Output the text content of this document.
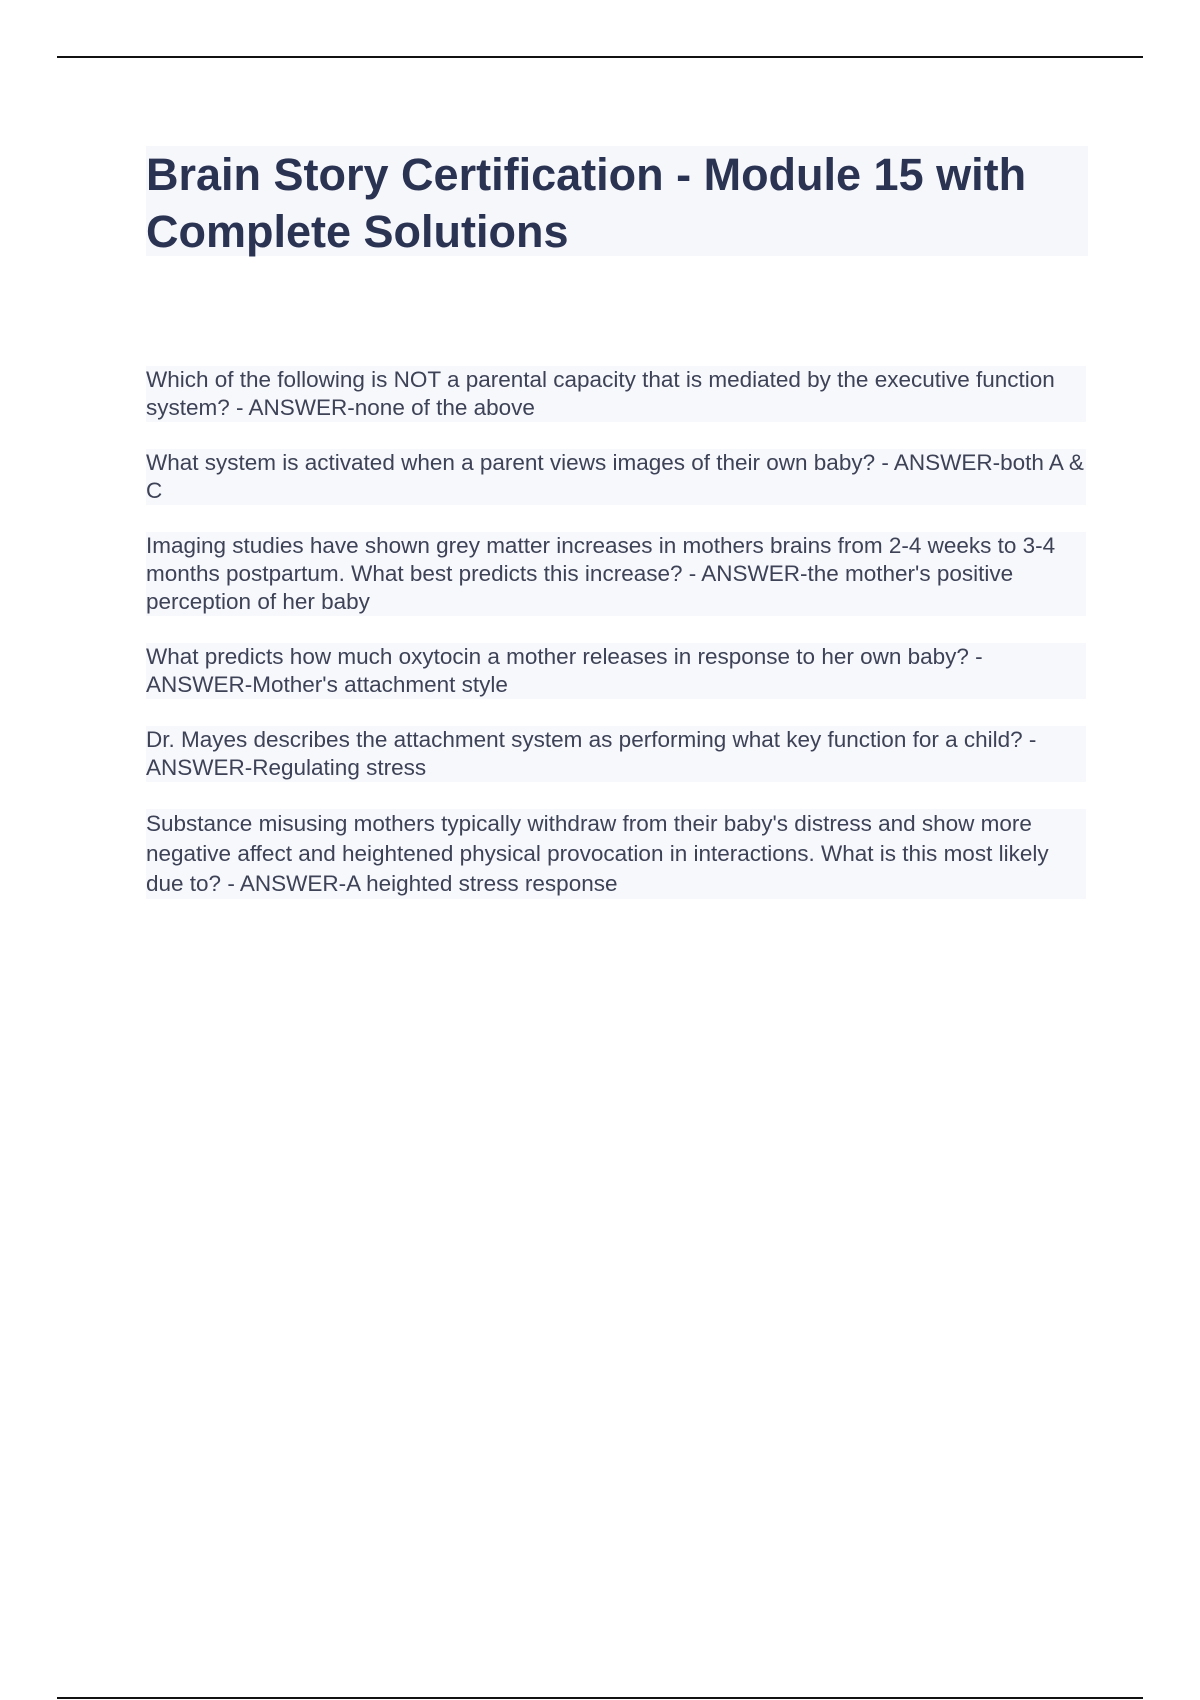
Brain Story Certification - Module 15 with Complete Solutions
Which of the following is NOT a parental capacity that is mediated by the executive function system? - ANSWER-none of the above
What system is activated when a parent views images of their own baby? - ANSWER-both A & C
Imaging studies have shown grey matter increases in mothers brains from 2-4 weeks to 3-4 months postpartum. What best predicts this increase? - ANSWER-the mother's positive perception of her baby
What predicts how much oxytocin a mother releases in response to her own baby? - ANSWER-Mother's attachment style
Dr. Mayes describes the attachment system as performing what key function for a child? - ANSWER-Regulating stress
Substance misusing mothers typically withdraw from their baby's distress and show more negative affect and heightened physical provocation in interactions. What is this most likely due to? - ANSWER-A heighted stress response
